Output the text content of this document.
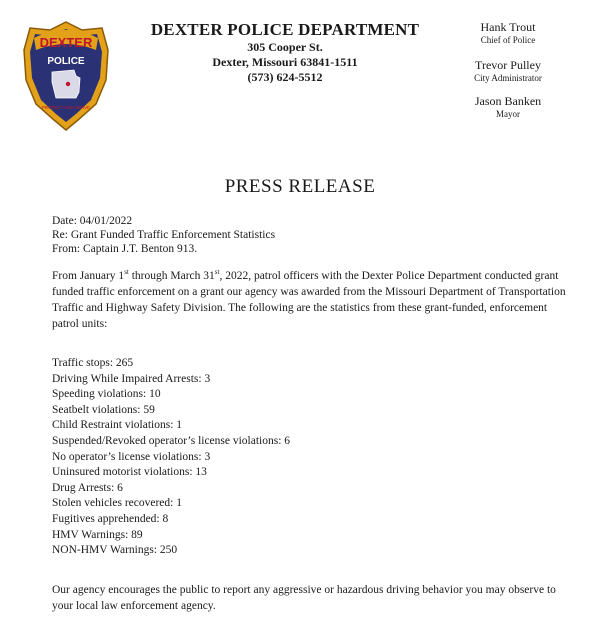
DEXTER
POLICE
PROTECT AND SERVE
DEXTER POLICE DEPARTMENT
305 Cooper St.
Dexter, Missouri 63841-1511
(573) 624-5512
Hank Trout
Chief of Police
Trevor Pulley
City Administrator
Jason Banken
Mayor
PRESS RELEASE
Date: 04/01/2022
Re: Grant Funded Traffic Enforcement Statistics
From: Captain J.T. Benton 913.
From January 1st through March 31st, 2022, patrol officers with the Dexter Police Department conducted grant funded traffic enforcement on a grant our agency was awarded from the Missouri Department of Transportation Traffic and Highway Safety Division. The following are the statistics from these grant-funded, enforcement patrol units:
Traffic stops: 265
Driving While Impaired Arrests: 3
Speeding violations: 10
Seatbelt violations: 59
Child Restraint violations: 1
Suspended/Revoked operator’s license violations: 6
No operator’s license violations: 3
Uninsured motorist violations: 13
Drug Arrests: 6
Stolen vehicles recovered: 1
Fugitives apprehended: 8
HMV Warnings: 89
NON-HMV Warnings: 250
Our agency encourages the public to report any aggressive or hazardous driving behavior you may observe to your local law enforcement agency.
